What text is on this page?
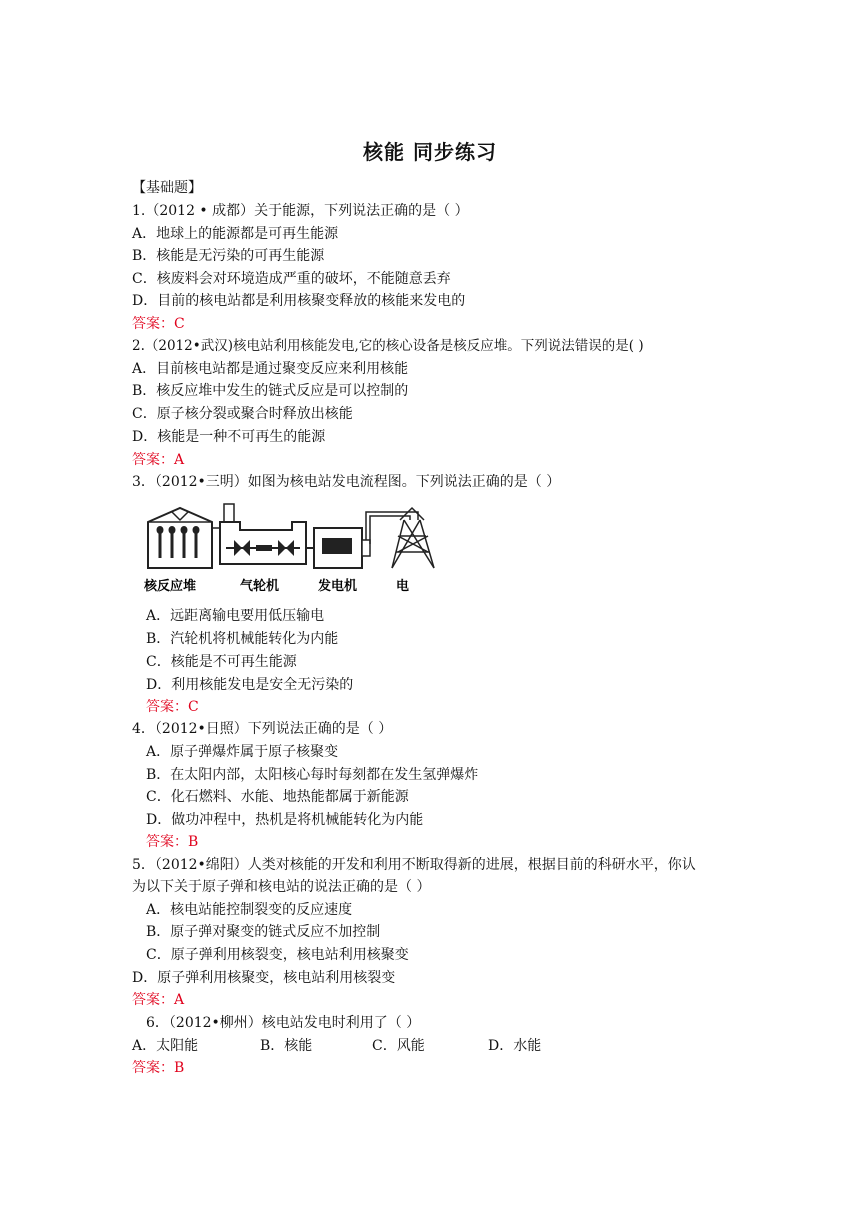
核能 同步练习
【基础题】
1.（2012 • 成都）关于能源，下列说法正确的是（ ）
A．地球上的能源都是可再生能源
B．核能是无污染的可再生能源
C．核废料会对环境造成严重的破坏，不能随意丢弃
D．目前的核电站都是利用核聚变释放的核能来发电的
答案：C
2.（2012•武汉)核电站利用核能发电,它的核心设备是核反应堆。下列说法错误的是( )
A．目前核电站都是通过聚变反应来利用核能
B．核反应堆中发生的链式反应是可以控制的
C．原子核分裂或聚合时释放出核能
D．核能是一种不可再生的能源
答案：A
3．（2012•三明）如图为核电站发电流程图。下列说法正确的是（ ）
核反应堆	气轮机	发电机	电
A．远距离输电要用低压输电
B．汽轮机将机械能转化为内能
C．核能是不可再生能源
D．利用核能发电是安全无污染的
答案：C
4．（2012•日照）下列说法正确的是（ ）
A．原子弹爆炸属于原子核聚变
B．在太阳内部，太阳核心每时每刻都在发生氢弹爆炸
C．化石燃料、水能、地热能都属于新能源
D．做功冲程中，热机是将机械能转化为内能
答案：B
5．（2012•绵阳）人类对核能的开发和利用不断取得新的进展，根据目前的科研水平，你认
为以下关于原子弹和核电站的说法正确的是（ ）
A．核电站能控制裂变的反应速度
B．原子弹对聚变的链式反应不加控制
C．原子弹利用核裂变，核电站利用核聚变
D．原子弹利用核聚变，核电站利用核裂变
答案：A
6．（2012•柳州）核电站发电时利用了（ ）
A．太阳能	B．核能	C．风能	D．水能
答案：B
